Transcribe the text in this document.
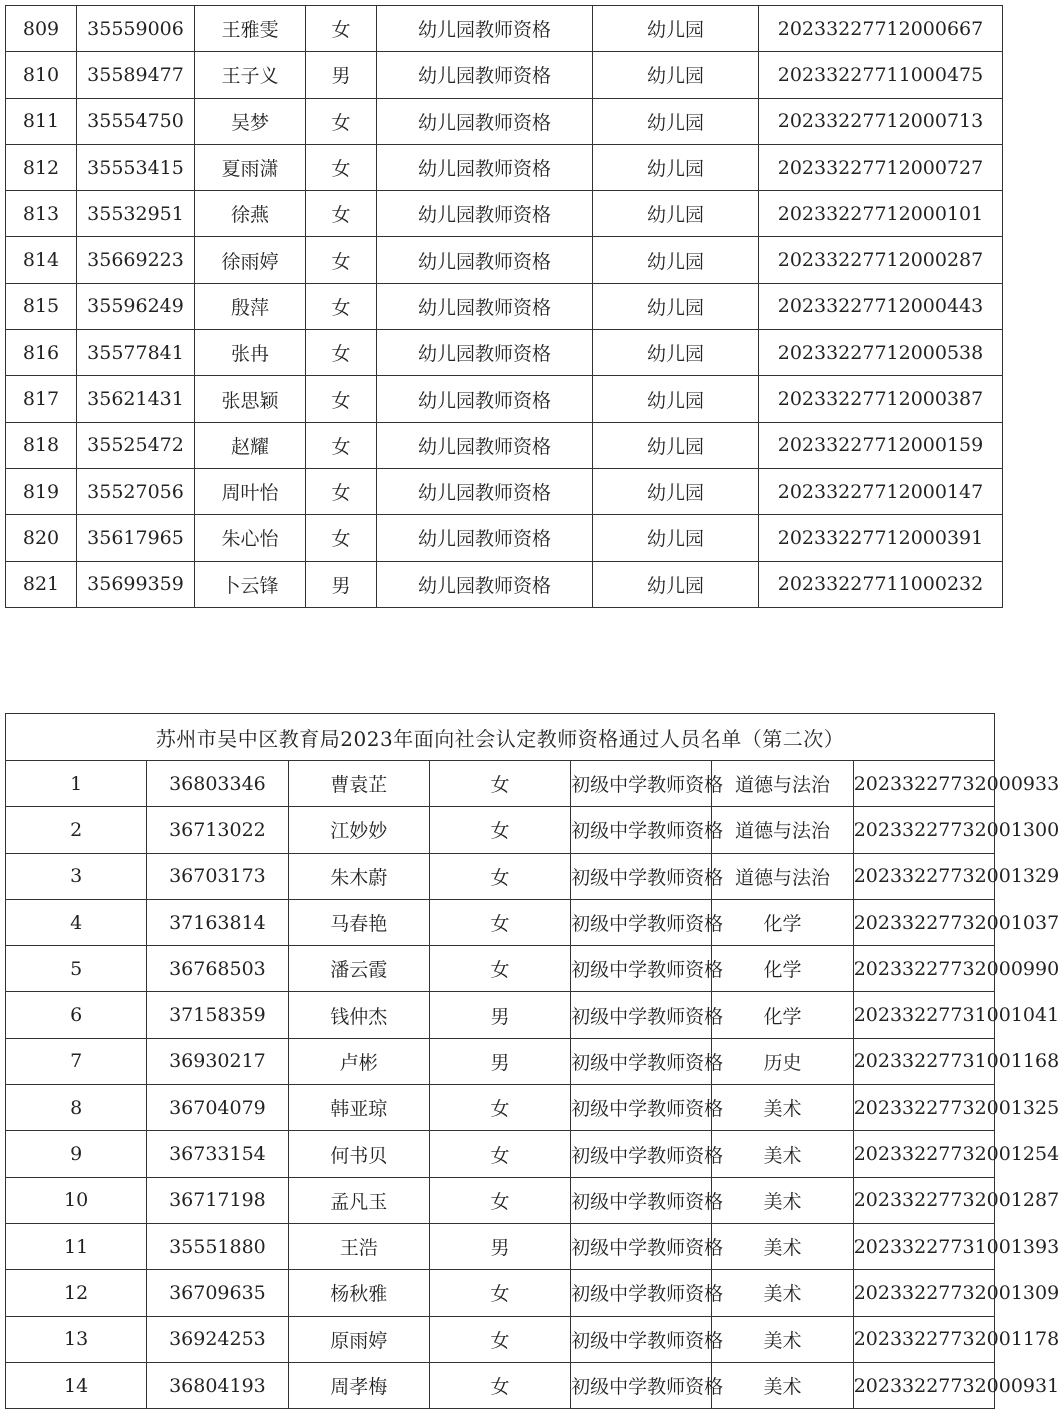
809	35559006	王雅雯	女	幼儿园教师资格	幼儿园	20233227712000667
810	35589477	王子义	男	幼儿园教师资格	幼儿园	20233227711000475
811	35554750	吴梦	女	幼儿园教师资格	幼儿园	20233227712000713
812	35553415	夏雨潇	女	幼儿园教师资格	幼儿园	20233227712000727
813	35532951	徐燕	女	幼儿园教师资格	幼儿园	20233227712000101
814	35669223	徐雨婷	女	幼儿园教师资格	幼儿园	20233227712000287
815	35596249	殷萍	女	幼儿园教师资格	幼儿园	20233227712000443
816	35577841	张冉	女	幼儿园教师资格	幼儿园	20233227712000538
817	35621431	张思颖	女	幼儿园教师资格	幼儿园	20233227712000387
818	35525472	赵耀	女	幼儿园教师资格	幼儿园	20233227712000159
819	35527056	周叶怡	女	幼儿园教师资格	幼儿园	20233227712000147
820	35617965	朱心怡	女	幼儿园教师资格	幼儿园	20233227712000391
821	35699359	卜云锋	男	幼儿园教师资格	幼儿园	20233227711000232
苏州市吴中区教育局2023年面向社会认定教师资格通过人员名单（第二次）						
1	36803346	曹袁芷	女	初级中学教师资格	道德与法治	20233227732000933
2	36713022	江妙妙	女	初级中学教师资格	道德与法治	20233227732001300
3	36703173	朱木蔚	女	初级中学教师资格	道德与法治	20233227732001329
4	37163814	马春艳	女	初级中学教师资格	化学	20233227732001037
5	36768503	潘云霞	女	初级中学教师资格	化学	20233227732000990
6	37158359	钱仲杰	男	初级中学教师资格	化学	20233227731001041
7	36930217	卢彬	男	初级中学教师资格	历史	20233227731001168
8	36704079	韩亚琼	女	初级中学教师资格	美术	20233227732001325
9	36733154	何书贝	女	初级中学教师资格	美术	20233227732001254
10	36717198	孟凡玉	女	初级中学教师资格	美术	20233227732001287
11	35551880	王浩	男	初级中学教师资格	美术	20233227731001393
12	36709635	杨秋雅	女	初级中学教师资格	美术	20233227732001309
13	36924253	原雨婷	女	初级中学教师资格	美术	20233227732001178
14	36804193	周孝梅	女	初级中学教师资格	美术	20233227732000931
